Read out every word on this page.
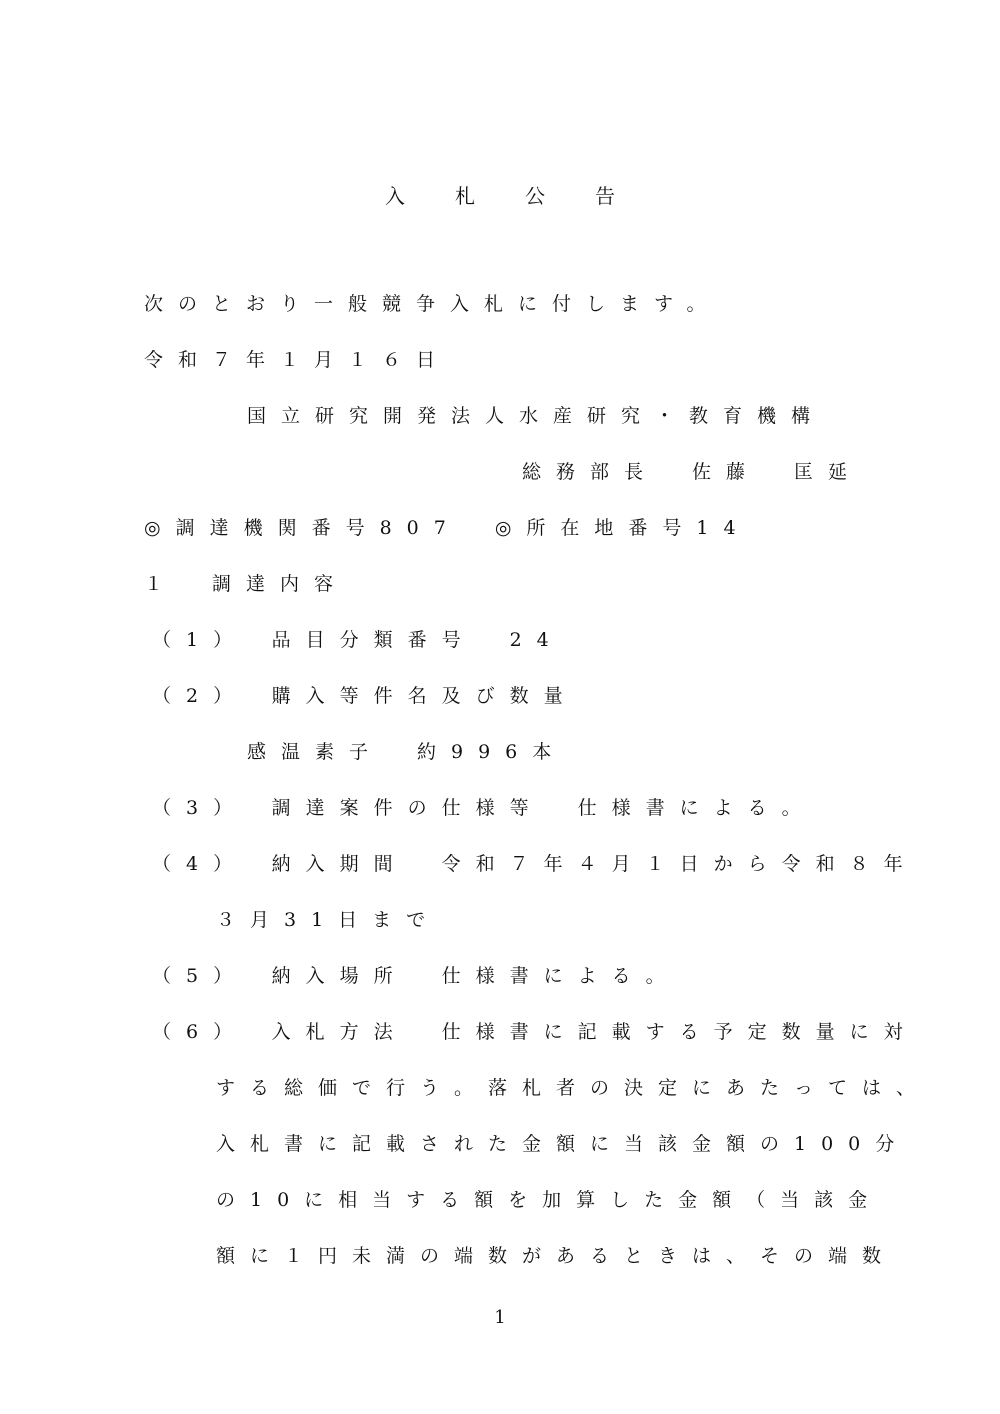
入	札	公	告
次のとおり一般競争入札に付します。
令和７年１月１６日
国立研究開発法人水産研究・教育機構
総務部長　佐藤　匡延
◎調達機関番号807　◎所在地番号14
１　調達内容
（1）　品目分類番号　24
（2）　購入等件名及び数量
感温素子　約996本
（3）　調達案件の仕様等　仕様書による。
（4）　納入期間　令和７年４月１日から令和８年
３月31日まで
（5）　納入場所　仕様書による。
（6）　入札方法　仕様書に記載する予定数量に対
する総価で行う。落札者の決定にあたっては、
入札書に記載された金額に当該金額の100分
の10に相当する額を加算した金額（当該金
額に１円未満の端数があるときは、その端数
1
